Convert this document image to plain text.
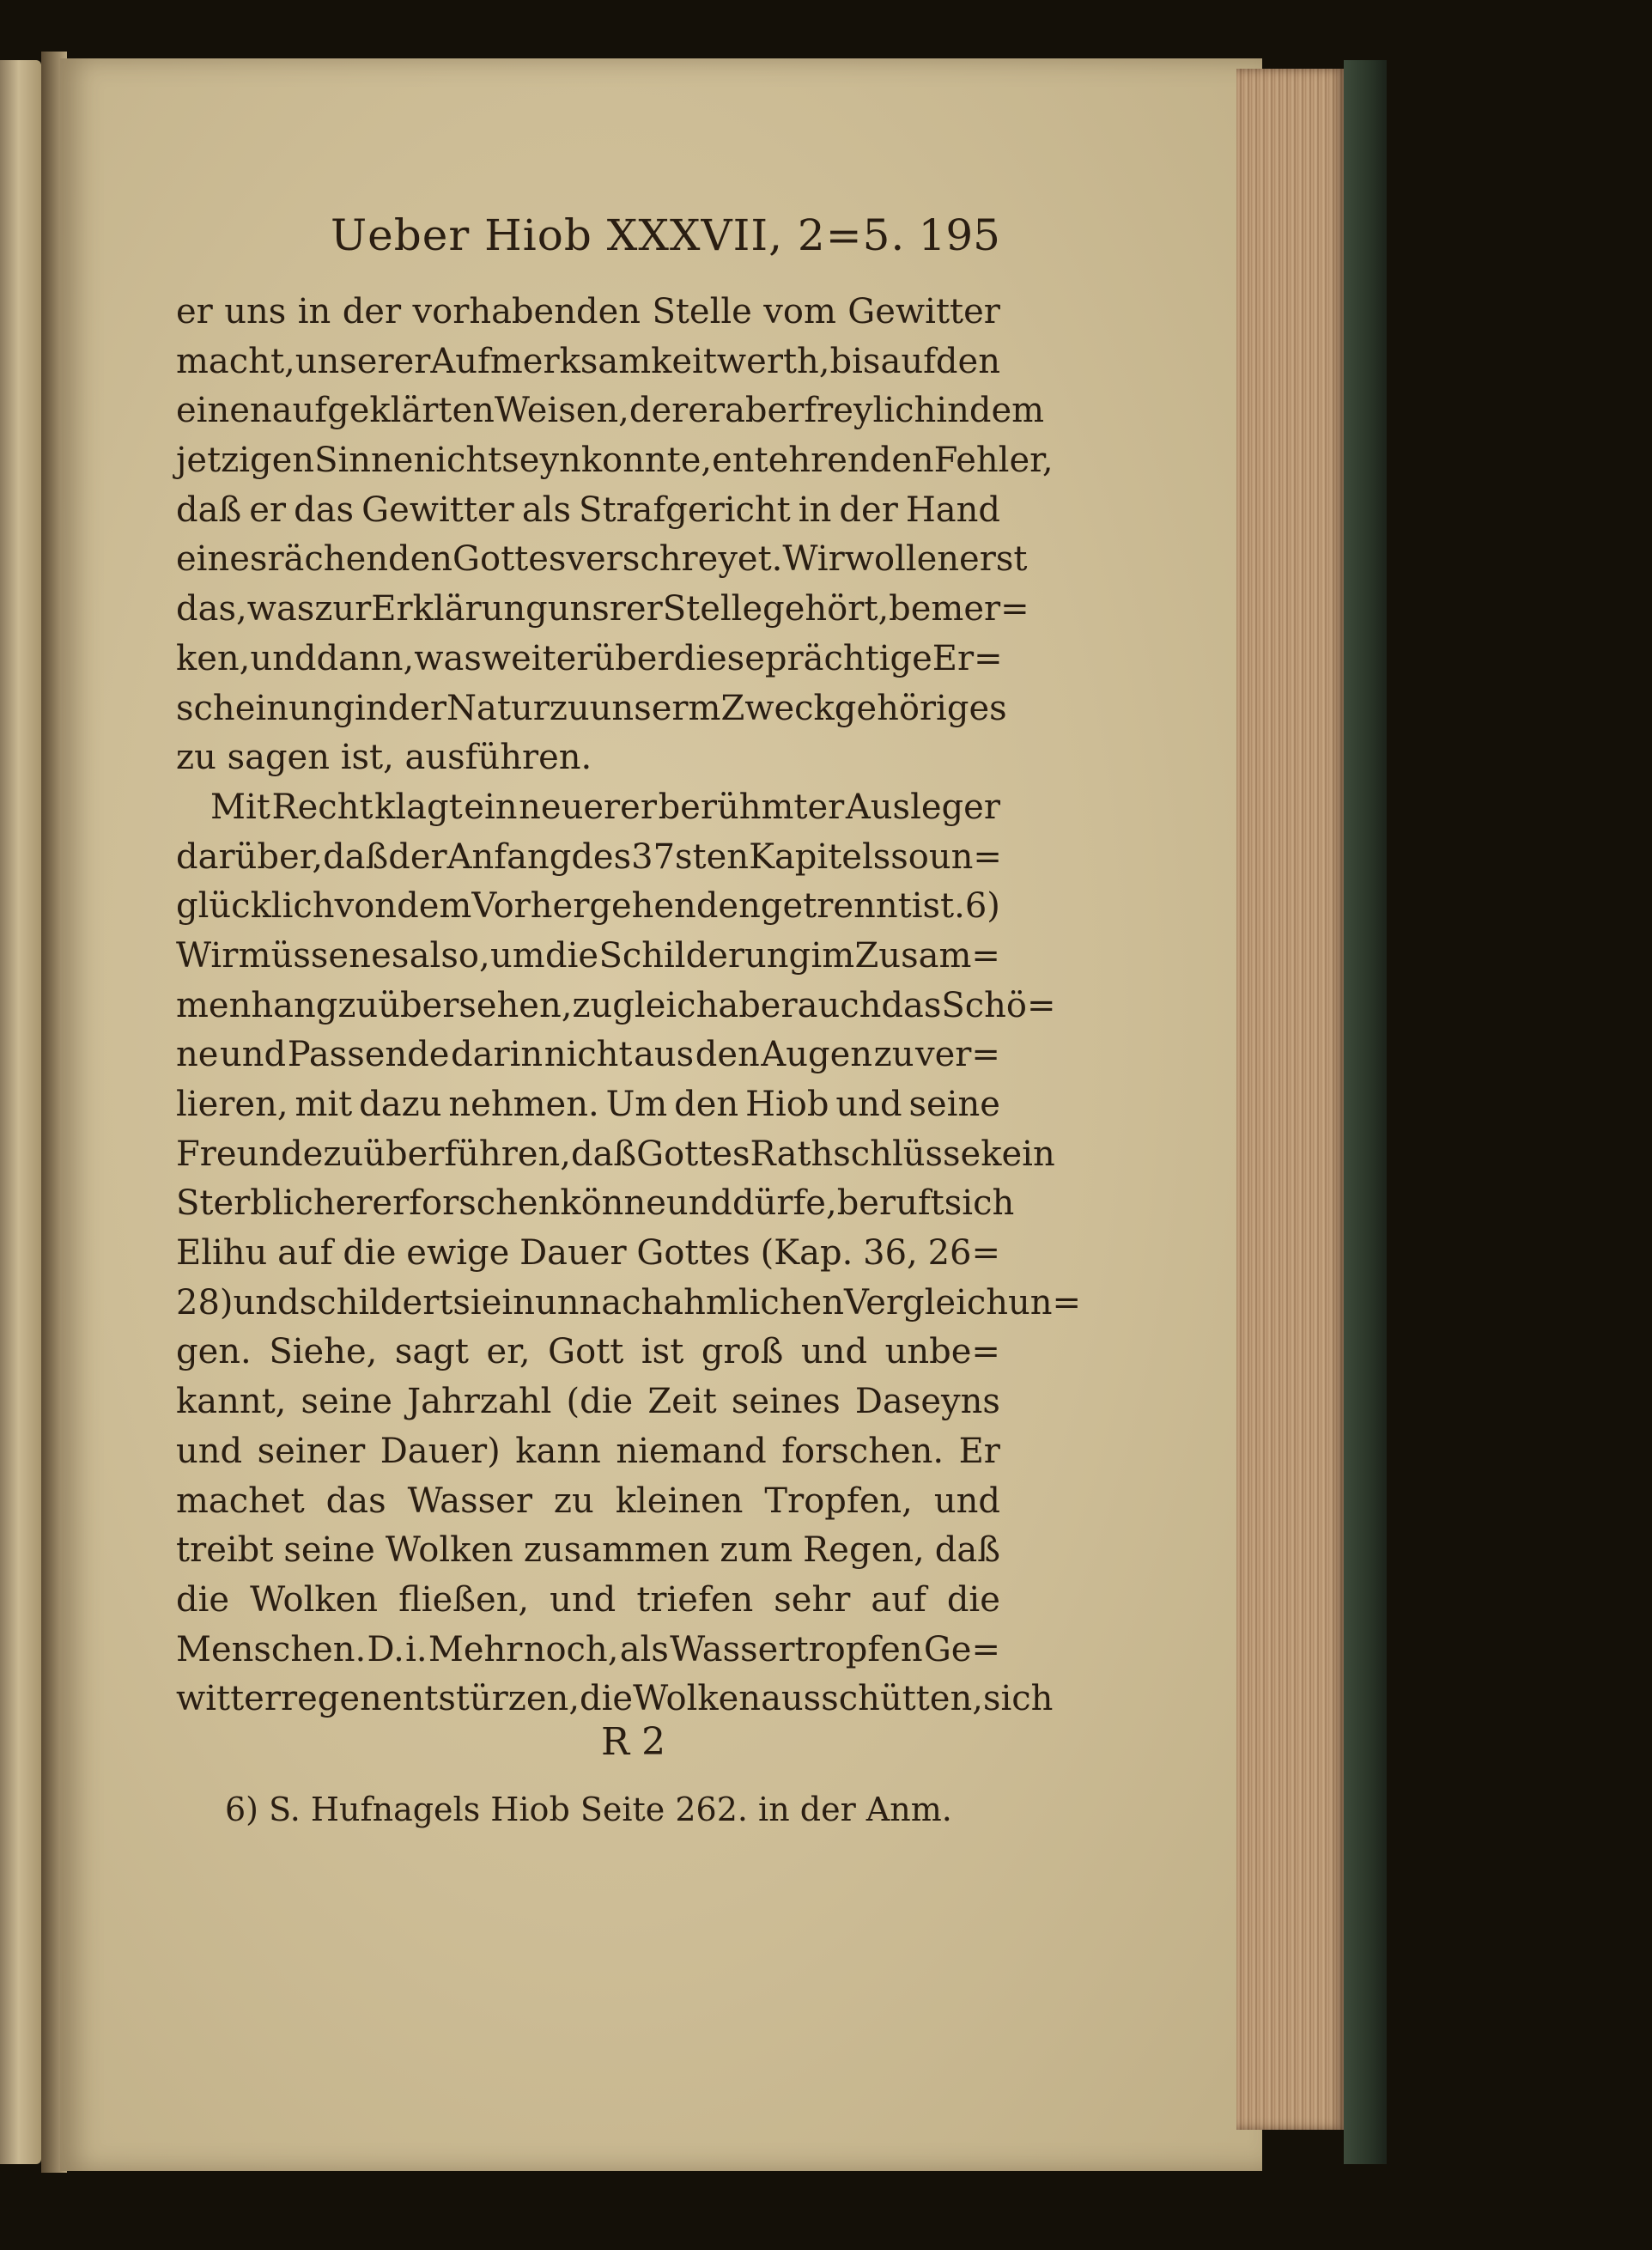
Ueber Hiob XXXVII, 2=5. 195
er uns in der vorhabenden Stelle vom Gewitter
macht, unserer Aufmerksamkeit werth, bis auf den
einen aufgeklärten Weisen, der er aber freylich in dem
jetzigen Sinne nicht seyn konnte, entehrenden Fehler,
daß er das Gewitter als Strafgericht in der Hand
eines rächenden Gottes verschreyet. Wir wollen erst
das, was zur Erklärung unsrer Stelle gehört, bemer=
ken, und dann, was weiter über diese prächtige Er=
scheinung in der Natur zu unserm Zweck gehöriges
zu
sagen
ist,
ausführen.
Mit Recht klagt ein neuerer berühmter Ausleger
darüber, daß der Anfang des 37sten Kapitels so un=
glücklich von dem Vorhergehenden getrennt ist. 6)
Wir müssen es also, um die Schilderung im Zusam=
menhang zu übersehen, zugleich aber auch das Schö=
ne und Passende darin nicht aus den Augen zu ver=
lieren, mit dazu nehmen. Um den Hiob und seine
Freunde zu überführen, daß Gottes Rathschlüsse kein
Sterblicher erforschen könne und dürfe, beruft sich
Elihu auf die ewige Dauer Gottes (Kap. 36, 26=
28) und schildert sie in unnachahmlichen Vergleichun=
gen. Siehe, sagt er, Gott ist groß und unbe=
kannt, seine Jahrzahl (die Zeit seines Daseyns
und seiner Dauer) kann niemand forschen. Er
machet das Wasser zu kleinen Tropfen, und
treibt seine Wolken zusammen zum Regen, daß
die Wolken fließen, und triefen sehr auf die
Menschen. D. i. Mehr noch, als Wassertropfen Ge=
witterregen entstürzen, die Wolken ausschütten, sich
R 2
6) S. Hufnagels Hiob Seite 262. in der Anm.
